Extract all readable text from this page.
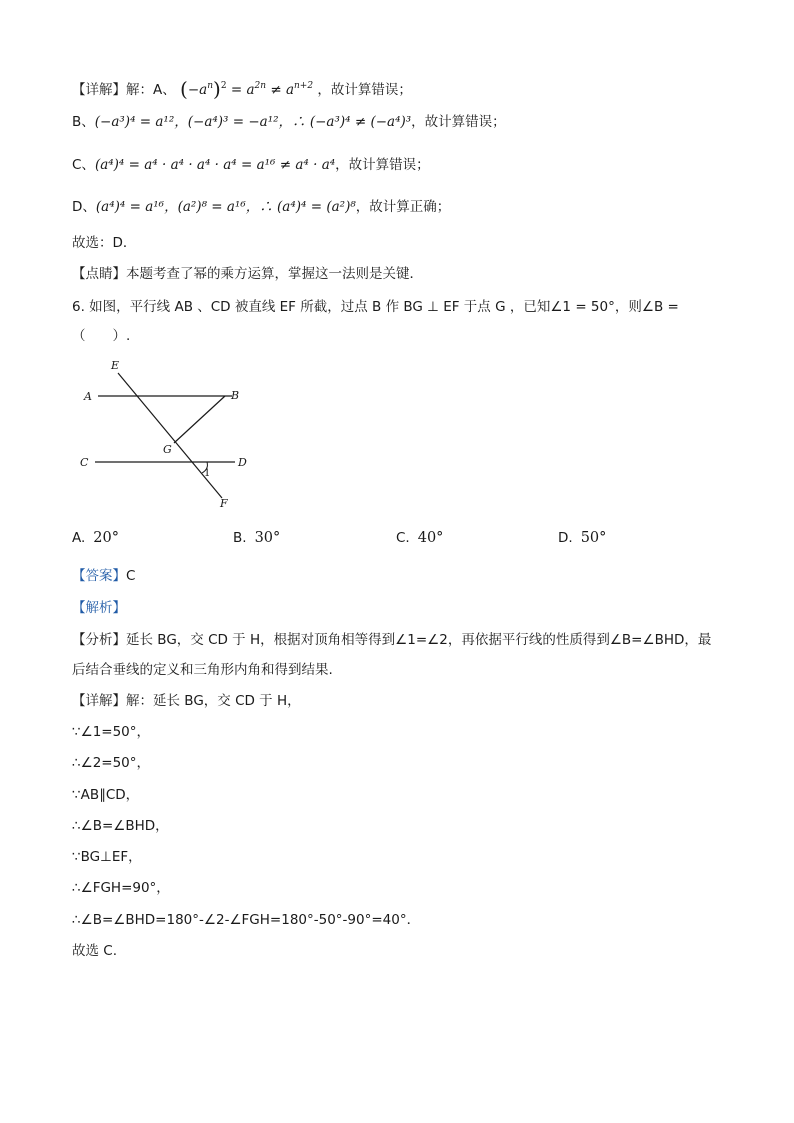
【详解】解：A、 $(-a^n)^2 = a^{2n} \ne a^{n+2}$ ，故计算错误；
B、(−a³)⁴ = a¹²，(−a⁴)³ = −a¹²，∴ (−a³)⁴ ≠ (−a⁴)³，故计算错误；
C、(a⁴)⁴ = a⁴ · a⁴ · a⁴ · a⁴ = a¹⁶ ≠ a⁴ · a⁴，故计算错误；
D、(a⁴)⁴ = a¹⁶，(a²)⁸ = a¹⁶，∴ (a⁴)⁴ = (a²)⁸，故计算正确；
故选：D．
【点睛】本题考查了幂的乘方运算，掌握这一法则是关键．
6. 如图，平行线 AB 、CD 被直线 EF 所截，过点 B 作 BG ⊥ EF 于点 G ，已知∠1 = 50°，则∠B =
（　　）.
E
A	B
G
C	D
1
F
A. 20°	B. 30°	C. 40°	D. 50°
【答案】C
【解析】
【分析】延长 BG，交 CD 于 H，根据对顶角相等得到∠1=∠2，再依据平行线的性质得到∠B=∠BHD，最
后结合垂线的定义和三角形内角和得到结果.
【详解】解：延长 BG，交 CD 于 H，
∵∠1=50°，
∴∠2=50°，
∵AB∥CD，
∴∠B=∠BHD，
∵BG⊥EF，
∴∠FGH=90°，
∴∠B=∠BHD=180°-∠2-∠FGH=180°-50°-90°=40°．
故选 C.
